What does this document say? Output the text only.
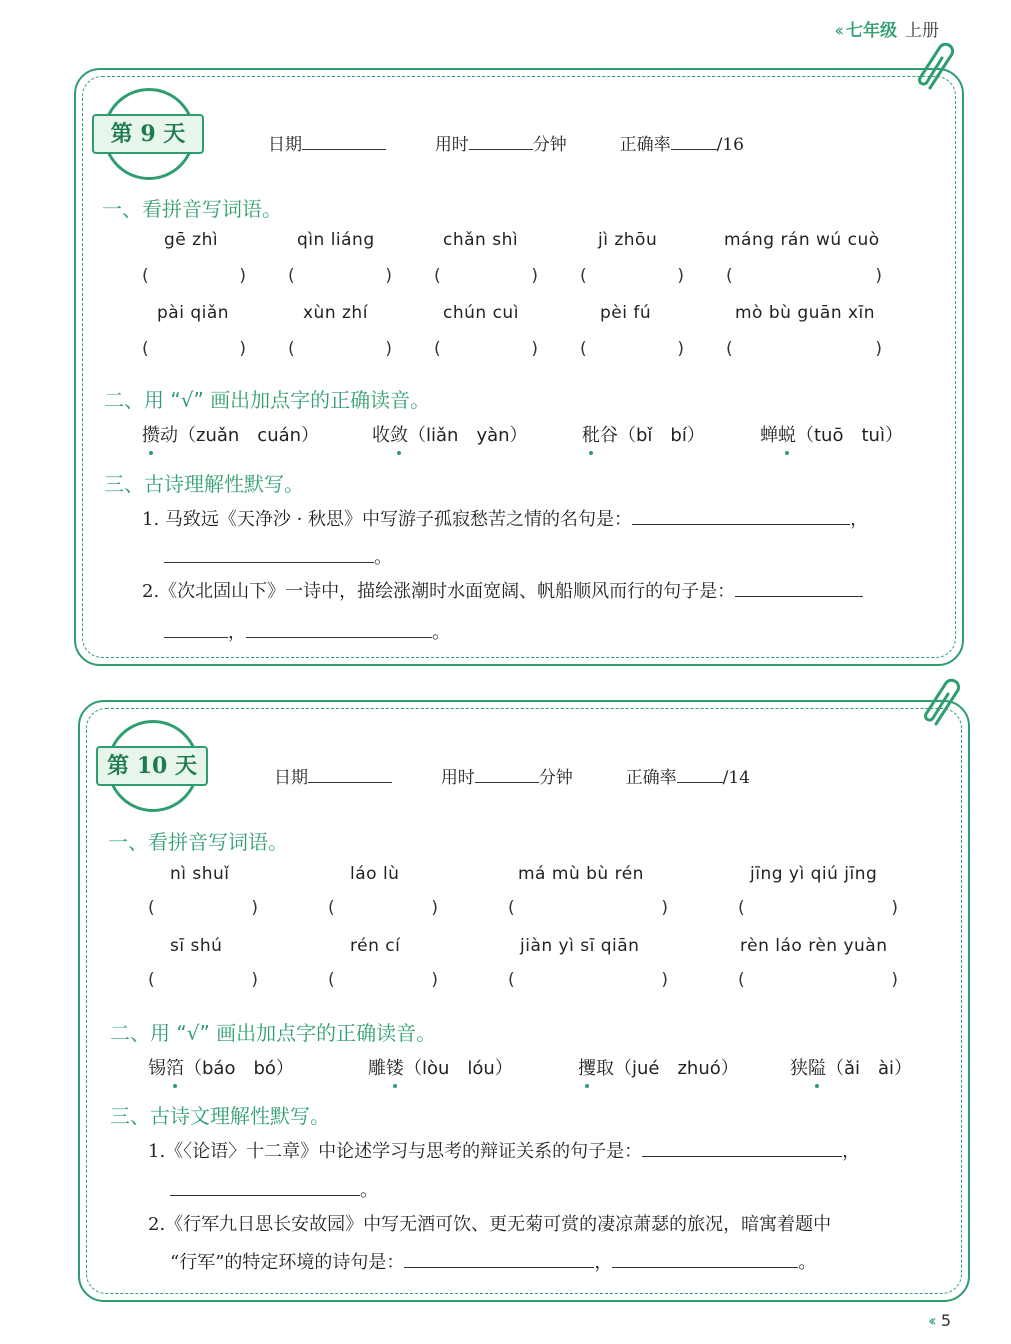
‹‹ 七年级 上册
‹‹ 5
第 9 天	日期	用时	分钟	正确率	/16
一、看拼音写词语。
gē zhì	qìn liáng	chǎn shì	jì zhōu	máng rán wú cuò
(	) (	) (	) (	) (	)
pài qiǎn	xùn zhí	chún cuì	pèi fú	mò bù guān xīn
(	) (	) (	) (	) (	)
二、用 “√” 画出加点字的正确读音。
攒动（zuǎn　cuán）	收敛（liǎn　yàn）	秕谷（bǐ　bí）	蝉蜕（tuō　tuì）
三、古诗理解性默写。
1. 马致远《天净沙 · 秋思》中写游子孤寂愁苦之情的名句是：	，
。
2.《次北固山下》一诗中，描绘涨潮时水面宽阔、帆船顺风而行的句子是：
，	。
第 10 天	日期	用时	分钟	正确率	/14
一、看拼音写词语。
nì shuǐ	láo lù	má mù bù rén	jīng yì qiú jīng
(	)	(	)	(	)	(	)
sī shú	rén cí	jiàn yì sī qiān	rèn láo rèn yuàn
(	)	(	)	(	)	(	)
二、用 “√” 画出加点字的正确读音。
锡箔（báo　bó）	雕镂（lòu　lóu）	攫取（jué　zhuó）	狭隘（ǎi　ài）
三、古诗文理解性默写。
1.《〈论语〉十二章》中论述学习与思考的辩证关系的句子是：	，
。
2.《行军九日思长安故园》中写无酒可饮、更无菊可赏的凄凉萧瑟的旅况，暗寓着题中
“行军”的特定环境的诗句是：	，	。
